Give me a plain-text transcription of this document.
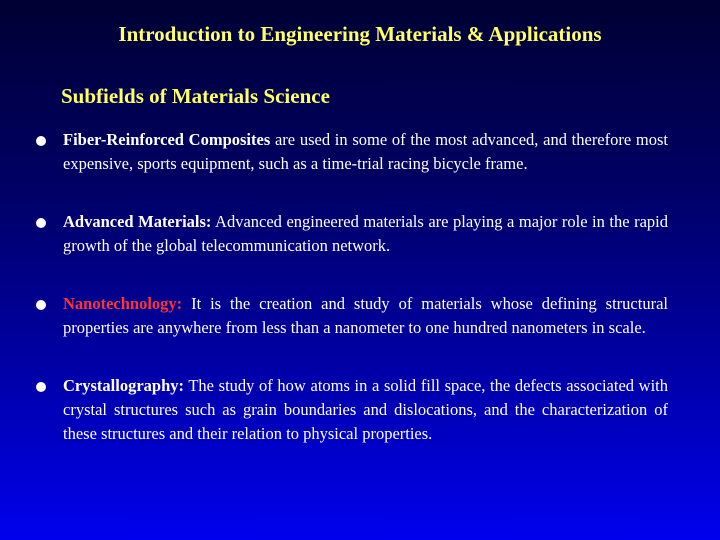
Introduction to Engineering Materials & Applications
Subfields of Materials Science
Fiber-Reinforced Composites are used in some of the most advanced, and therefore most expensive, sports equipment, such as a time-trial racing bicycle frame.
Advanced Materials: Advanced engineered materials are playing a major role in the rapid growth of the global telecommunication network.
Nanotechnology: It is the creation and study of materials whose defining structural properties are anywhere from less than a nanometer to one hundred nanometers in scale.
Crystallography: The study of how atoms in a solid fill space, the defects associated with crystal structures such as grain boundaries and dislocations, and the characterization of these structures and their relation to physical properties.
